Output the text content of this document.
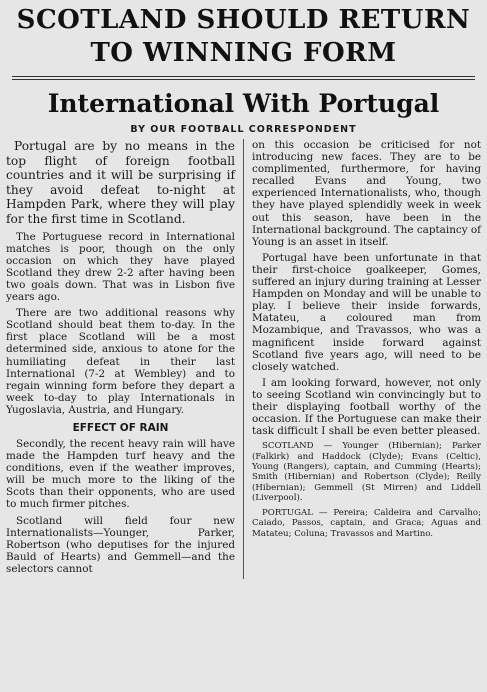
SCOTLAND SHOULD RETURN
TO WINNING FORM
International With Portugal
BY OUR FOOTBALL CORRESPONDENT

Portugal are by no means in the top flight of foreign football countries and it will be surprising if they avoid defeat to-night at Hampden Park, where they will play for the first time in Scotland.

The Portuguese record in International matches is poor, though on the only occasion on which they have played Scotland they drew 2-2 after having been two goals down. That was in Lisbon five years ago.

There are two additional reasons why Scotland should beat them to-day. In the first place Scotland will be a most determined side, anxious to atone for the humiliating defeat in their last International (7-2 at Wembley) and to regain winning form before they depart a week to-day to play Internationals in Yugoslavia, Austria, and Hungary.

EFFECT OF RAIN

Secondly, the recent heavy rain will have made the Hampden turf heavy and the conditions, even if the weather improves, will be much more to the liking of the Scots than their opponents, who are used to much firmer pitches.

Scotland will field four new Internationalists—Younger, Parker, Robertson (who deputises for the injured Bauld of Hearts) and Gemmell—and the selectors cannot

on this occasion be criticised for not introducing new faces. They are to be complimented, furthermore, for having recalled Evans and Young, two experienced Internationalists, who, though they have played splendidly week in week out this season, have been in the International background. The captaincy of Young is an asset in itself.

Portugal have been unfortunate in that their first-choice goalkeeper, Gomes, suffered an injury during training at Lesser Hampden on Monday and will be unable to play. I believe their inside forwards, Matateu, a coloured man from Mozambique, and Travassos, who was a magnificent inside forward against Scotland five years ago, will need to be closely watched.

I am looking forward, however, not only to seeing Scotland win convincingly but to their displaying football worthy of the occasion. If the Portuguese can make their task difficult I shall be even better pleased.

SCOTLAND — Younger (Hibernian); Parker (Falkirk) and Haddock (Clyde); Evans (Celtic), Young (Rangers), captain, and Cumming (Hearts); Smith (Hibernian) and Robertson (Clyde); Reilly (Hibernian); Gemmell (St Mirren) and Liddell (Liverpool).

PORTUGAL — Pereira; Caldeira and Carvalho; Caiado, Passos, captain, and Graca; Aguas and Matateu; Coluna; Travassos and Martino.
